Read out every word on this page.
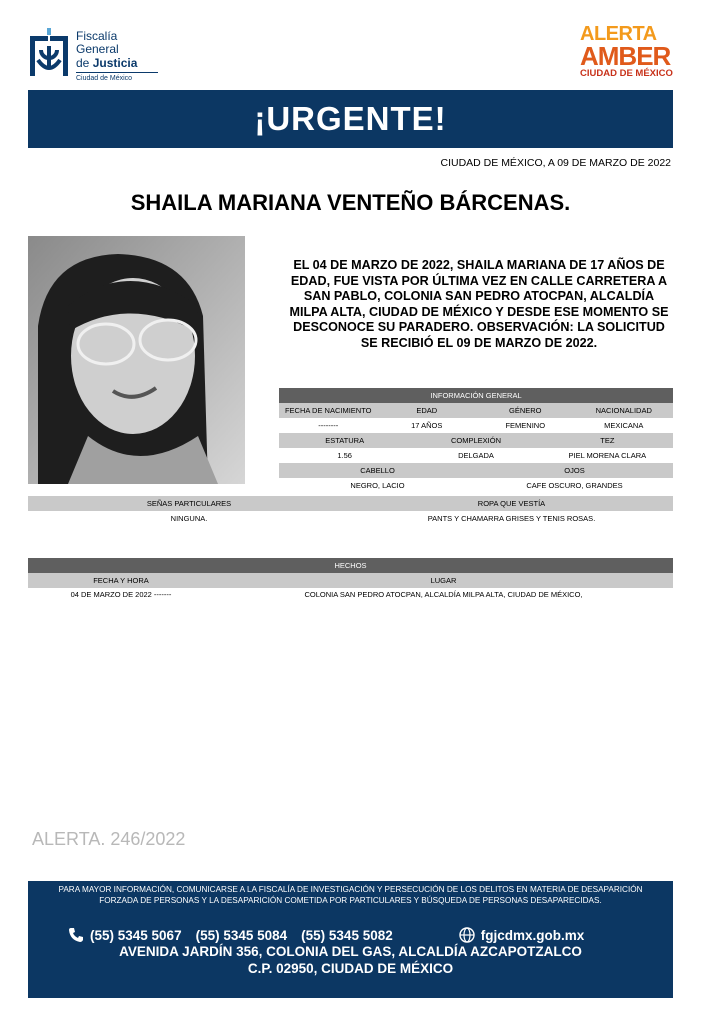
Fiscalía
General
de Justicia
Ciudad de México
ALERTA
AMBER
CIUDAD DE MÉXICO
¡URGENTE!
CIUDAD DE MÉXICO, A 09 DE MARZO DE 2022
SHAILA MARIANA VENTEÑO BÁRCENAS.
EL 04 DE MARZO DE 2022, SHAILA MARIANA DE 17 AÑOS DE EDAD, FUE VISTA POR ÚLTIMA VEZ EN CALLE CARRETERA A SAN PABLO, COLONIA SAN PEDRO ATOCPAN, ALCALDÍA MILPA ALTA, CIUDAD DE MÉXICO Y DESDE ESE MOMENTO SE DESCONOCE SU PARADERO. OBSERVACIÓN: LA SOLICITUD SE RECIBIÓ EL 09 DE MARZO DE 2022.
INFORMACIÓN GENERAL
FECHA DE NACIMIENTO	EDAD	GÉNERO	NACIONALIDAD
--------	17 AÑOS	FEMENINO	MEXICANA
ESTATURA	COMPLEXIÓN	TEZ
1.56	DELGADA	PIEL MORENA CLARA
CABELLO	OJOS
NEGRO, LACIO	CAFE OSCURO, GRANDES
SEÑAS PARTICULARES	ROPA QUE VESTÍA
NINGUNA.	PANTS Y CHAMARRA GRISES Y TENIS ROSAS.
HECHOS
FECHA Y HORA	LUGAR
04 DE MARZO DE 2022 -------	COLONIA SAN PEDRO ATOCPAN, ALCALDÍA MILPA ALTA, CIUDAD DE MÉXICO,
ALERTA. 246/2022
PARA MAYOR INFORMACIÓN, COMUNICARSE A LA FISCALÍA DE INVESTIGACIÓN Y PERSECUCIÓN DE LOS DELITOS EN MATERIA DE DESAPARICIÓN
FORZADA DE PERSONAS Y LA DESAPARICIÓN COMETIDA POR PARTICULARES Y BÚSQUEDA DE PERSONAS DESAPARECIDAS.
(55) 5345 5067 (55) 5345 5084 (55) 5345 5082	fgjcdmx.gob.mx
AVENIDA JARDÍN 356, COLONIA DEL GAS, ALCALDÍA AZCAPOTZALCO
C.P. 02950, CIUDAD DE MÉXICO
